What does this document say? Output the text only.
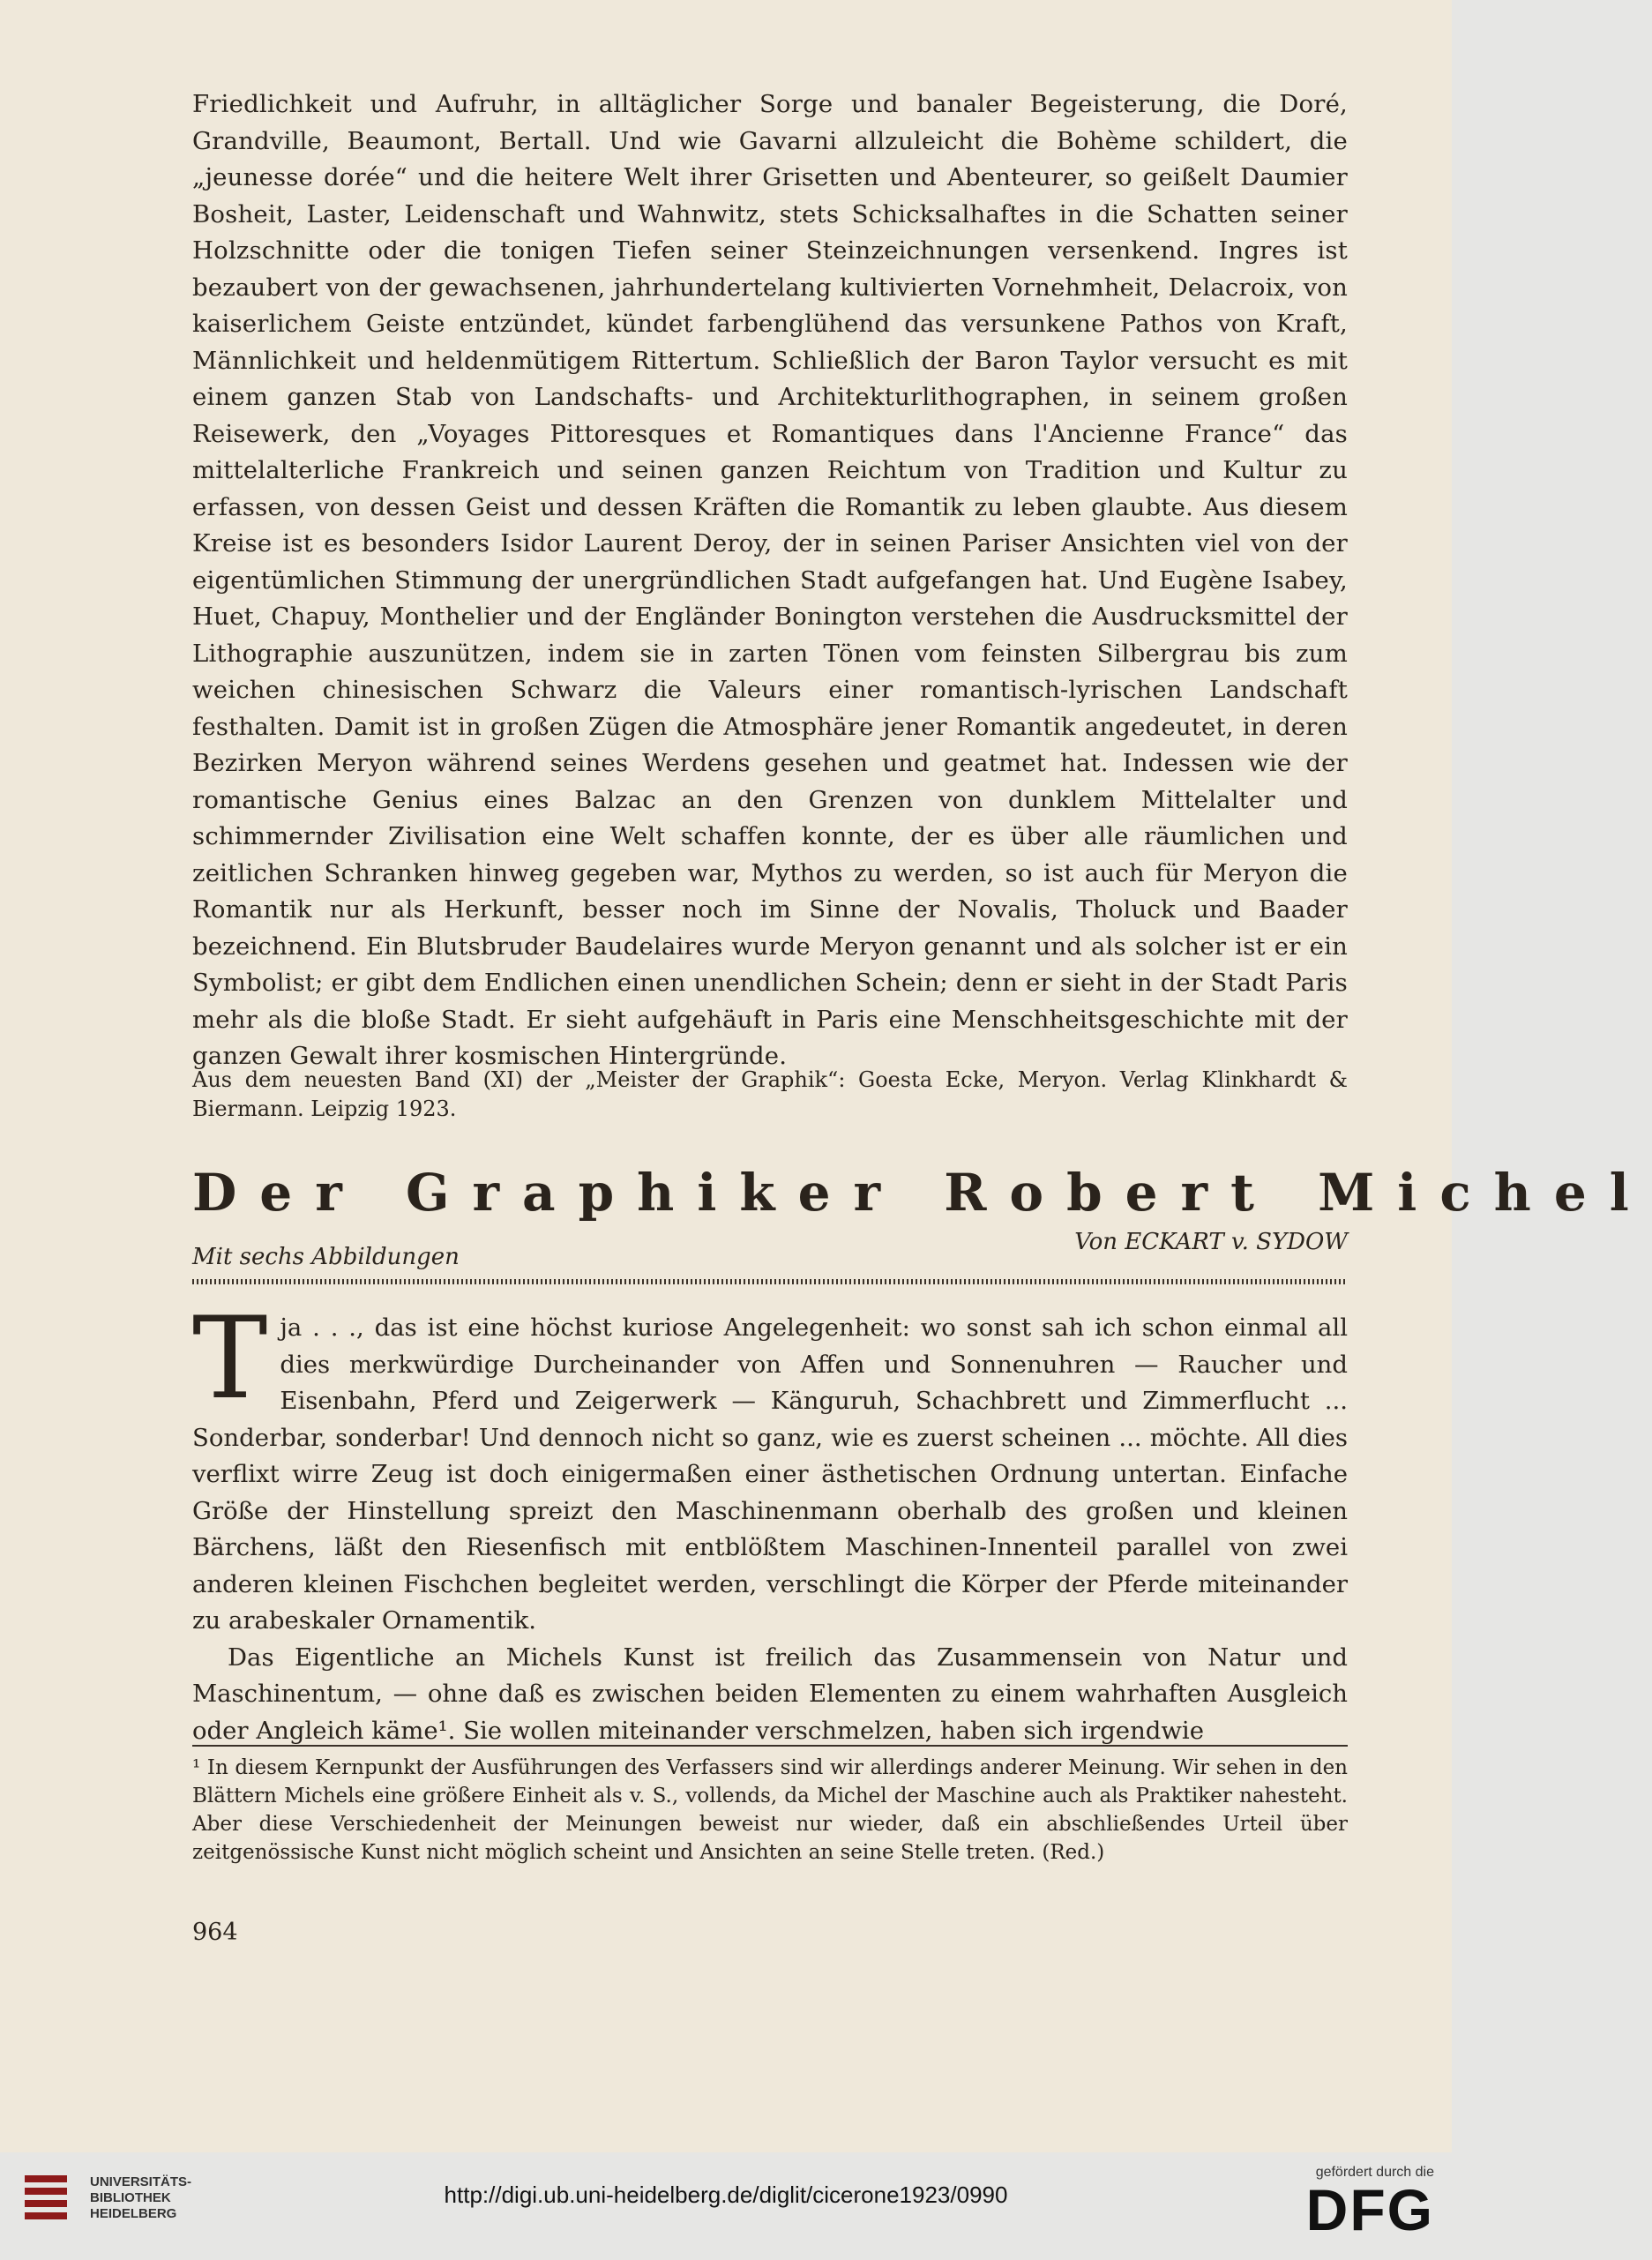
Friedlichkeit und Aufruhr, in alltäglicher Sorge und banaler Begeisterung, die Doré, Grandville, Beaumont, Bertall. Und wie Gavarni allzuleicht die Bohème schildert, die „jeunesse dorée“ und die heitere Welt ihrer Grisetten und Abenteurer, so geißelt Daumier Bosheit, Laster, Leidenschaft und Wahnwitz, stets Schicksalhaftes in die Schatten seiner Holzschnitte oder die tonigen Tiefen seiner Steinzeichnungen versenkend. Ingres ist bezaubert von der gewachsenen, jahrhundertelang kultivierten Vornehmheit, Delacroix, von kaiserlichem Geiste entzündet, kündet farbenglühend das versunkene Pathos von Kraft, Männlichkeit und heldenmütigem Rittertum. Schließlich der Baron Taylor versucht es mit einem ganzen Stab von Landschafts- und Architekturlithographen, in seinem großen Reisewerk, den „Voyages Pittoresques et Romantiques dans l'Ancienne France“ das mittelalterliche Frankreich und seinen ganzen Reichtum von Tradition und Kultur zu erfassen, von dessen Geist und dessen Kräften die Romantik zu leben glaubte. Aus diesem Kreise ist es besonders Isidor Laurent Deroy, der in seinen Pariser Ansichten viel von der eigentümlichen Stimmung der unergründlichen Stadt aufgefangen hat. Und Eugène Isabey, Huet, Chapuy, Monthelier und der Engländer Bonington verstehen die Ausdrucksmittel der Lithographie auszunützen, indem sie in zarten Tönen vom feinsten Silbergrau bis zum weichen chinesischen Schwarz die Valeurs einer romantisch-lyrischen Landschaft festhalten. Damit ist in großen Zügen die Atmosphäre jener Romantik angedeutet, in deren Bezirken Meryon während seines Werdens gesehen und geatmet hat. Indessen wie der romantische Genius eines Balzac an den Grenzen von dunklem Mittelalter und schimmernder Zivilisation eine Welt schaffen konnte, der es über alle räumlichen und zeitlichen Schranken hinweg gegeben war, Mythos zu werden, so ist auch für Meryon die Romantik nur als Herkunft, besser noch im Sinne der Novalis, Tholuck und Baader bezeichnend. Ein Blutsbruder Baudelaires wurde Meryon genannt und als solcher ist er ein Symbolist; er gibt dem Endlichen einen unendlichen Schein; denn er sieht in der Stadt Paris mehr als die bloße Stadt. Er sieht aufgehäuft in Paris eine Menschheitsgeschichte mit der ganzen Gewalt ihrer kosmischen Hintergründe.

Aus dem neuesten Band (XI) der „Meister der Graphik“: Goesta Ecke, Meryon. Verlag Klinkhardt & Biermann. Leipzig 1923.
Der Graphiker Robert Michel
Mit sechs Abbildungen
Von ECKART v. SYDOW
T ja . . ., das ist eine höchst kuriose Angelegenheit: wo sonst sah ich schon einmal all dies merkwürdige Durcheinander von Affen und Sonnenuhren — Raucher und Eisenbahn, Pferd und Zeigerwerk — Känguruh, Schachbrett und Zimmerflucht ... Sonderbar, sonderbar! Und dennoch nicht so ganz, wie es zuerst scheinen ... möchte. All dies verflixt wirre Zeug ist doch einigermaßen einer ästhetischen Ordnung untertan. Einfache Größe der Hinstellung spreizt den Maschinenmann oberhalb des großen und kleinen Bärchens, läßt den Riesenfisch mit entblößtem Maschinen-Innenteil parallel von zwei anderen kleinen Fischchen begleitet werden, verschlingt die Körper der Pferde miteinander zu arabeskaler Ornamentik.

Das Eigentliche an Michels Kunst ist freilich das Zusammensein von Natur und Maschinentum, — ohne daß es zwischen beiden Elementen zu einem wahrhaften Ausgleich oder Angleich käme¹. Sie wollen miteinander verschmelzen, haben sich irgendwie

¹ In diesem Kernpunkt der Ausführungen des Verfassers sind wir allerdings anderer Meinung. Wir sehen in den Blättern Michels eine größere Einheit als v. S., vollends, da Michel der Maschine auch als Praktiker nahesteht. Aber diese Verschiedenheit der Meinungen beweist nur wieder, daß ein abschließendes Urteil über zeitgenössische Kunst nicht möglich scheint und Ansichten an seine Stelle treten. (Red.)
964
UNIVERSITÄTS-
BIBLIOTHEK
HEIDELBERG
http://digi.ub.uni-heidelberg.de/diglit/cicerone1923/0990
gefördert durch die
DFG
